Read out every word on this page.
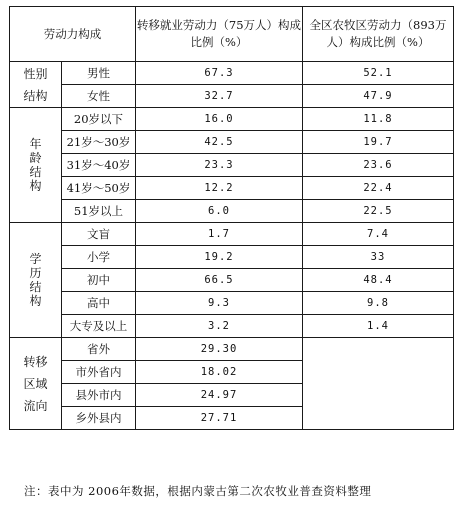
劳动力构成		转移就业劳动力（75万人）构成比例（%）	全区农牧区劳动力（893万人）构成比例（%）
性别结构	男性	67.3	52.1
	女性	32.7	47.9
年龄结构	20岁以下	16.0	11.8
	21岁～30岁	42.5	19.7
	31岁～40岁	23.3	23.6
	41岁～50岁	12.2	22.4
	51岁以上	6.0	22.5
学历结构	文盲	1.7	7.4
	小学	19.2	33
	初中	66.5	48.4
	高中	9.3	9.8
	大专及以上	3.2	1.4
转移区域流向	省外	29.30	
	市外省内	18.02	
	县外市内	24.97	
	乡外县内	27.71	
注：表中为 2006年数据，根据内蒙古第二次农牧业普查资料整理
